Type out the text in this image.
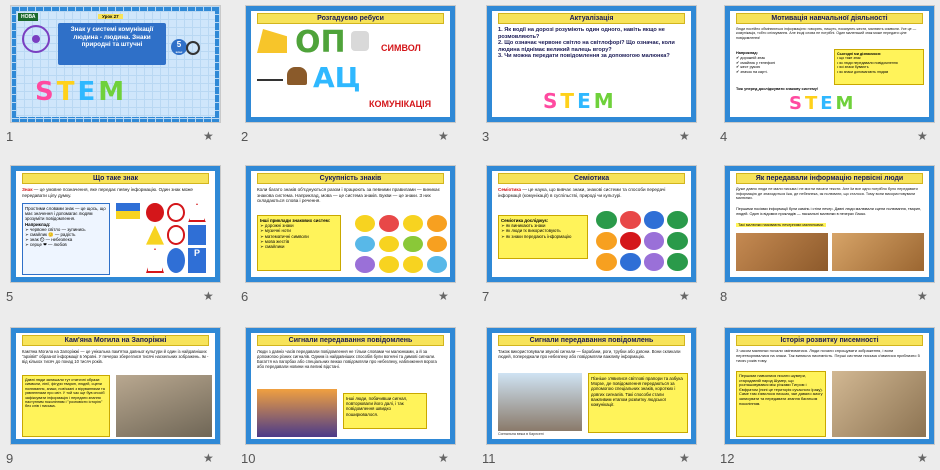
НОВА	Урок 27
Знак у системі комунікації людина - людина. Знаки природні та штучні	5
клас
STEM
1	★
Розгадуємо ребуси
ОП	СИМВОЛ
АЦ
КОМУНІКАЦІЯ
2	★
Актуалізація
1. Як водії на дорозі розуміють один одного, навіть якщо не розмовляють?
2. Що означає червоне світло на світлофорі? Що означає, коли людина піднімає великий палець вгору?
3. Чи можна передати повідомлення за допомогою малюнка?
S T E M
3	★
Мотивація навчальної діяльності
Люди постійно обмінюються інформацією: говорять, пишуть, показують жести, малюють символи. Усе це — комунікація, тобто спілкування. Але іноді слова не потрібні. Один маленький знак може передати ціле повідомлення!
Наприклад:
✔ дорожній знак
✔ смайлик у телефоні
✔ жест рукою
✔ значок на карті.
Сьогодні ми дізнаємося:
• що таке знак
• як люди передавали повідомлення
• які знаки бувають
• як знаки допомагають людям
Тож уперед досліджувати знакову систему!
S T E M
4	★
Що таке знак
Знак — це умовне позначення, яке передає певну інформацію. Один знак може передавати цілу думку.
Простими словами знак — це щось, що має значення і допомагає людям зрозуміти повідомлення.
Наприклад:
➢ червоне світло — зупинись
➢ смайлик 🙂 — радість
➢ знак 🛇 — небезпека
➢ серце ❤ — любов
P
5	★
Сукупність знаків
Коли багато знаків об'єднуються разом і працюють за певними правилами — виникає знакова система. Наприклад, мова — це система знаків. Букви — це знаки. З них складаються слова і речення.
Інші приклади знакових систем:
➢ дорожні знаки
➢ музичні ноти
➢ математичні символи
➢ мова жестів
➢ смайлики
6	★
Семіотика
Семіотика — це наука, що вивчає знаки, знакові системи та способи передачі інформації (комунікації) в суспільстві, природі чи культурі.
Семіотика досліджує:
➢ як виникають знаки
➢ як люди їх використовують
➢ як знаки передають інформацію
7	★
Як передавали інформацію первісні люди
Дуже давно люди не мали письма і не могли писати тексти. Але їм все одно потрібно було передавати інформацію де знаходиться їжа, де небезпека, як полювати, що сталося. Тому вони використовували малюнки.
Першими носіями інформації були камінь і стіни печер. Давні люди малювали сцени полювання, тварин, людей. Один із відомих прикладів — наскальні малюнки в печерах Ласко.
Такі малюнки називають печерними малюнками.
8	★
Кам'яна Могила на Запоріжжі
Кам'яна Могила на Запоріжжі — це унікальна пам'ятка давньої культури й один із найдавніших "архівів" образної інформації в Україні. У печерах збереглися тисячі наскельних зображень. Ім - від кількох тисяч до понад 10 тисяч років.
Давні люди залишали тут статичні образи: символи, лінії, фігури тварин, людей, сцени полювання, знаки, пов'язані з віруваннями та уявленнями про світ. У той час ще був спосіб зафіксувати інформацію і передати знання наступним поколінням і "розповісти історію" без слів і письма.
9	★
Сигнали передавання повідомлень
Люди з давніх часів передавали повідомлення не тільки словами чи малюнками, а й за допомогою різних сигналів. Одним із найдавніших способів були вогняні та димові сигнали. Багаття на пагорбах або спеціальних вежах повідомляли про небезпеку, наближення ворога або передавали новини на великі відстані.
Інші люди, побачивши сигнал, повторювали його далі, і так повідомлення швидко поширювалося.
10	★
Сигнали передавання повідомлень
Також використовували звукові сигнали — барабани, роги, трубки або дзвони. Вони скликали людей, попереджали про небезпеку або повідомляли важливу інформацію.
Сигнальна вежа в Карлсені
Пізніше з'явилися світлові прапори та азбука Морзе, де повідомлення передаються за допомогою спеціальних знаків, коротких і довгих сигналів. Такі способи стали важливим етапом розвитку людської комунікації.
11	★
Історія розвитку писемності
З часом малюнки почали змінюватися. Люди почали спрощувати зображення, і вони перетворювалися на знаки. Так виникла писемність. Перші системи письма з'явилися приблизно 5 тисяч років тому.
Першими навчилися писати шумери, стародавній народ Шумер, що розташовувався між річками Тигром і Євфратом (нині це територія сучасного Іраку). Саме там з'явилося письмо, яке давало змогу записувати та передавати знання багатьом поколінням.
12	★
